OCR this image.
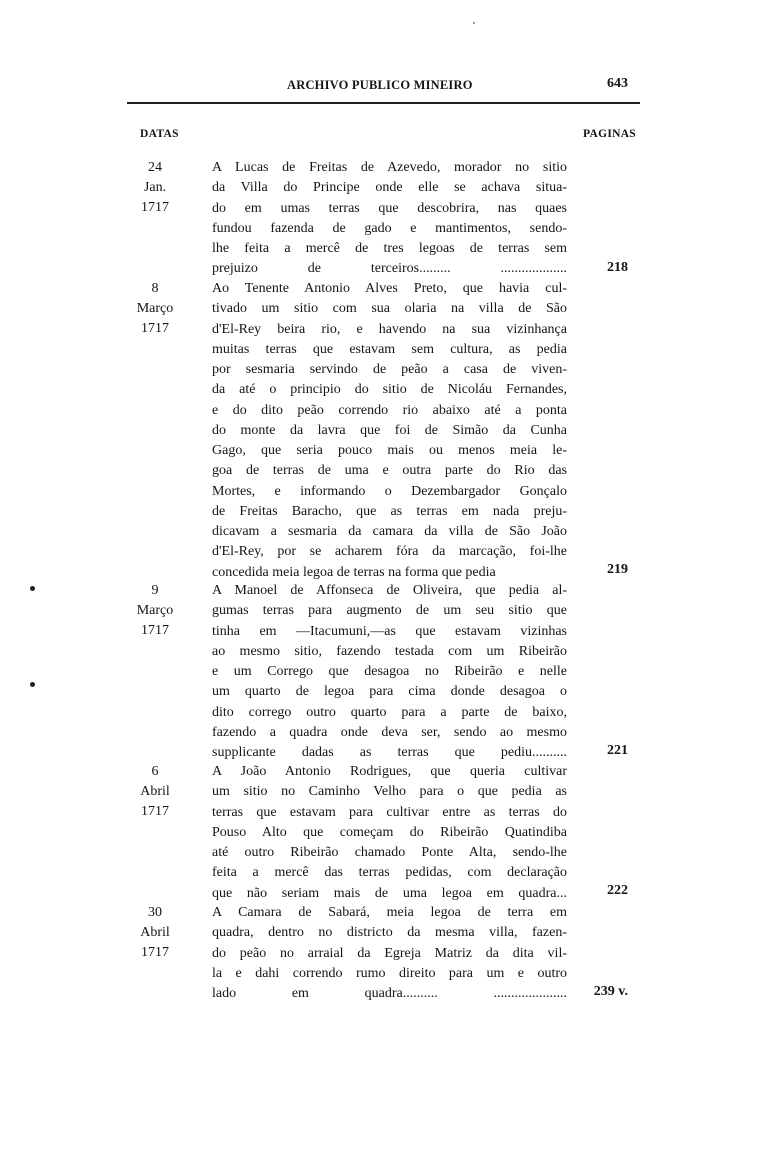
ARCHIVO PUBLICO MINEIRO	643
DATAS	PAGINAS
24
Jan.
1717
A Lucas de Freitas de Azevedo, morador no sitio
da Villa do Principe onde elle se achava situa-
do em umas terras que descobrira, nas quaes
fundou fazenda de gado e mantimentos, sendo-
lhe feita a mercê de tres legoas de terras sem
prejuizo de terceiros......... ...................	218
8
Março
1717
Ao Tenente Antonio Alves Preto, que havia cul-
tivado um sitio com sua olaria na villa de São
d'El-Rey beira rio, e havendo na sua vizinhança
muitas terras que estavam sem cultura, as pedia
por sesmaria servindo de peão a casa de viven-
da até o principio do sitio de Nicoláu Fernandes,
e do dito peão correndo rio abaixo até a ponta
do monte da lavra que foi de Simão da Cunha
Gago, que seria pouco mais ou menos meia le-
goa de terras de uma e outra parte do Rio das
Mortes, e informando o Dezembargador Gonçalo
de Freitas Baracho, que as terras em nada preju-
dicavam a sesmaria da camara da villa de São João
d'El-Rey, por se acharem fóra da marcação, foi-lhe
concedida meia legoa de terras na forma que pedia	219
9
Março
1717
A Manoel de Affonseca de Oliveira, que pedia al-
gumas terras para augmento de um seu sitio que
tinha em —Itacumuni,—as que estavam vizinhas
ao mesmo sitio, fazendo testada com um Ribeirão
e um Corrego que desagoa no Ribeirão e nelle
um quarto de legoa para cima donde desagoa o
dito corrego outro quarto para a parte de baixo,
fazendo a quadra onde deva ser, sendo ao mesmo
supplicante dadas as terras que pediu..........	221
6
Abril
1717
A João Antonio Rodrigues, que queria cultivar
um sitio no Caminho Velho para o que pedia as
terras que estavam para cultivar entre as terras do
Pouso Alto que começam do Ribeirão Quatindiba
até outro Ribeirão chamado Ponte Alta, sendo-lhe
feita a mercê das terras pedidas, com declaração
que não seriam mais de uma legoa em quadra...	222
30
Abril
1717
A Camara de Sabará, meia legoa de terra em
quadra, dentro no districto da mesma villa, fazen-
do peão no arraial da Egreja Matriz da dita vil-
la e dahi correndo rumo direito para um e outro
lado em quadra.......... .....................	239 v.
